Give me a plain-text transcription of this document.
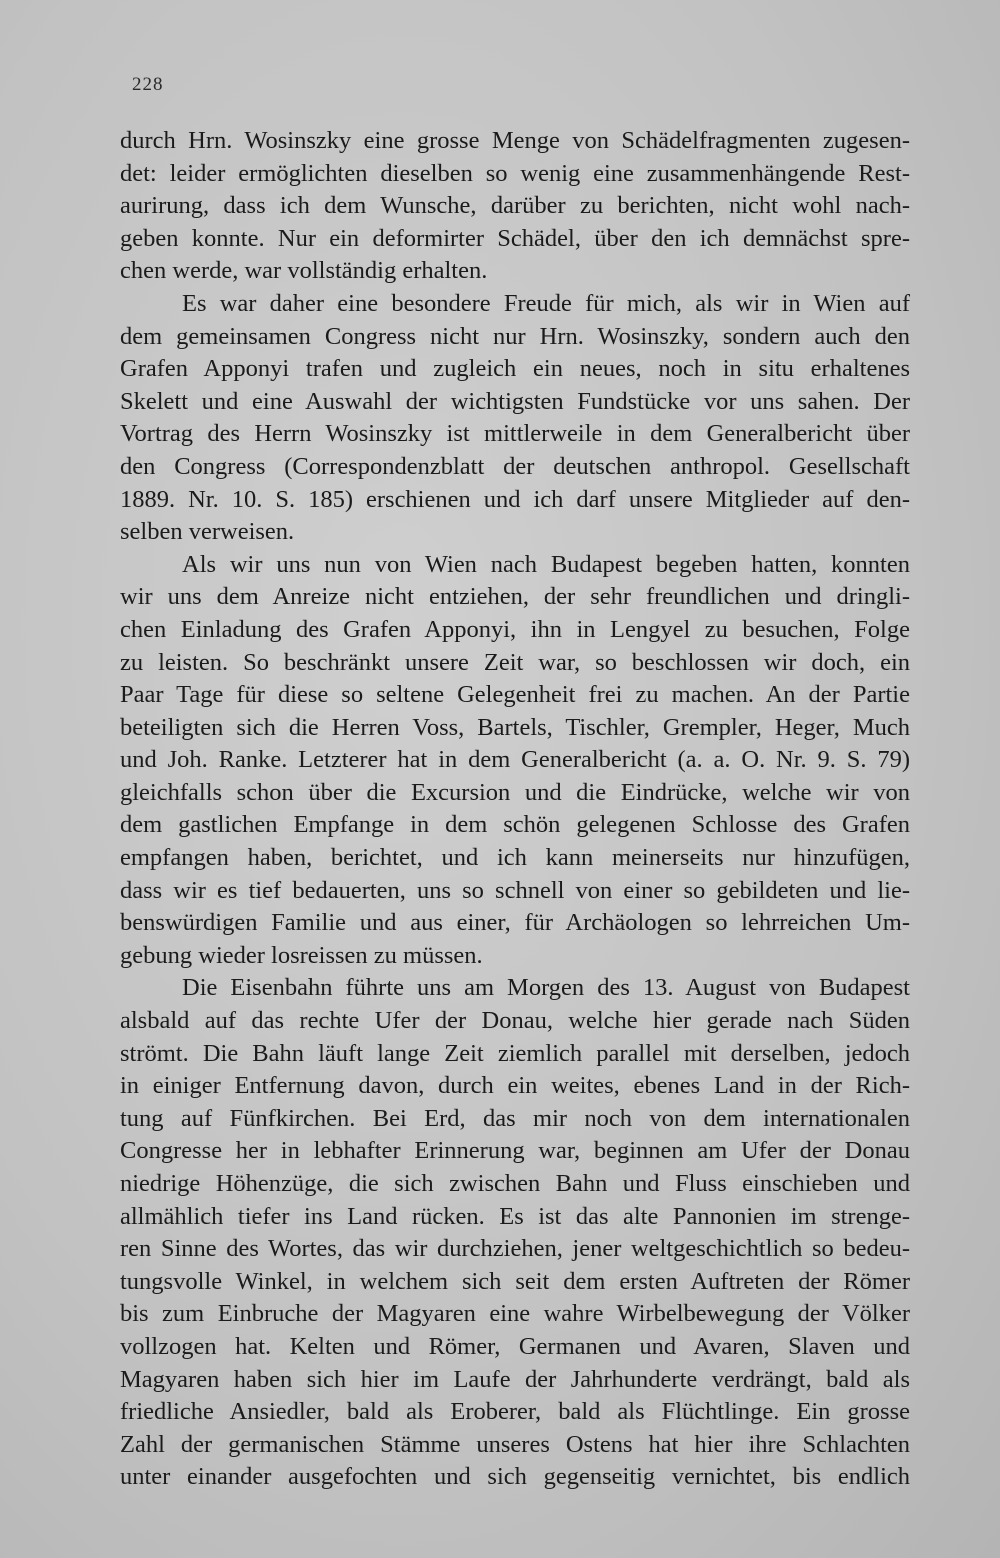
228
durch Hrn. Wosinszky eine grosse Menge von Schädelfragmenten zugesen-
det: leider ermöglichten dieselben so wenig eine zusammenhängende Rest-
aurirung, dass ich dem Wunsche, darüber zu berichten, nicht wohl nach-
geben konnte. Nur ein deformirter Schädel, über den ich demnächst spre-
chen werde, war vollständig erhalten.
Es war daher eine besondere Freude für mich, als wir in Wien auf
dem gemeinsamen Congress nicht nur Hrn. Wosinszky, sondern auch den
Grafen Apponyi trafen und zugleich ein neues, noch in situ erhaltenes
Skelett und eine Auswahl der wichtigsten Fundstücke vor uns sahen. Der
Vortrag des Herrn Wosinszky ist mittlerweile in dem Generalbericht über
den Congress (Correspondenzblatt der deutschen anthropol. Gesellschaft
1889. Nr. 10. S. 185) erschienen und ich darf unsere Mitglieder auf den-
selben verweisen.
Als wir uns nun von Wien nach Budapest begeben hatten, konnten
wir uns dem Anreize nicht entziehen, der sehr freundlichen und dringli-
chen Einladung des Grafen Apponyi, ihn in Lengyel zu besuchen, Folge
zu leisten. So beschränkt unsere Zeit war, so beschlossen wir doch, ein
Paar Tage für diese so seltene Gelegenheit frei zu machen. An der Partie
beteiligten sich die Herren Voss, Bartels, Tischler, Grempler, Heger, Much
und Joh. Ranke. Letzterer hat in dem Generalbericht (a. a. O. Nr. 9. S. 79)
gleichfalls schon über die Excursion und die Eindrücke, welche wir von
dem gastlichen Empfange in dem schön gelegenen Schlosse des Grafen
empfangen haben, berichtet, und ich kann meinerseits nur hinzufügen,
dass wir es tief bedauerten, uns so schnell von einer so gebildeten und lie-
benswürdigen Familie und aus einer, für Archäologen so lehrreichen Um-
gebung wieder losreissen zu müssen.
Die Eisenbahn führte uns am Morgen des 13. August von Budapest
alsbald auf das rechte Ufer der Donau, welche hier gerade nach Süden
strömt. Die Bahn läuft lange Zeit ziemlich parallel mit derselben, jedoch
in einiger Entfernung davon, durch ein weites, ebenes Land in der Rich-
tung auf Fünfkirchen. Bei Erd, das mir noch von dem internationalen
Congresse her in lebhafter Erinnerung war, beginnen am Ufer der Donau
niedrige Höhenzüge, die sich zwischen Bahn und Fluss einschieben und
allmählich tiefer ins Land rücken. Es ist das alte Pannonien im strenge-
ren Sinne des Wortes, das wir durchziehen, jener weltgeschichtlich so bedeu-
tungsvolle Winkel, in welchem sich seit dem ersten Auftreten der Römer
bis zum Einbruche der Magyaren eine wahre Wirbelbewegung der Völker
vollzogen hat. Kelten und Römer, Germanen und Avaren, Slaven und
Magyaren haben sich hier im Laufe der Jahrhunderte verdrängt, bald als
friedliche Ansiedler, bald als Eroberer, bald als Flüchtlinge. Ein grosse
Zahl der germanischen Stämme unseres Ostens hat hier ihre Schlachten
unter einander ausgefochten und sich gegenseitig vernichtet, bis endlich
